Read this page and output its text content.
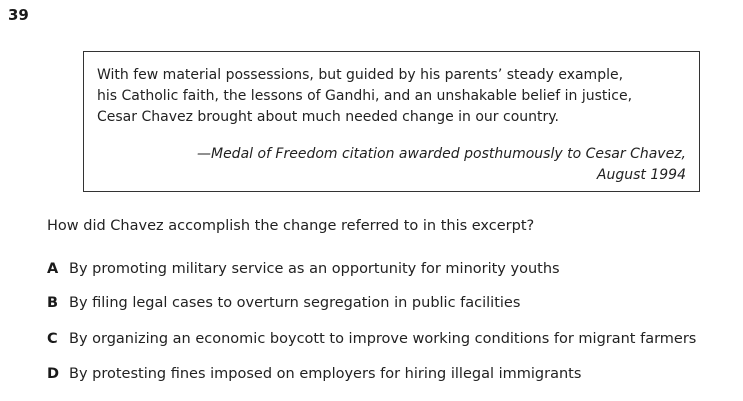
39
With few material possessions, but guided by his parents’ steady example,
his Catholic faith, the lessons of Gandhi, and an unshakable belief in justice,
Cesar Chavez brought about much needed change in our country.
—Medal of Freedom citation awarded posthumously to Cesar Chavez,
August 1994
How did Chavez accomplish the change referred to in this excerpt?
A By promoting military service as an opportunity for minority youths
B By filing legal cases to overturn segregation in public facilities
C By organizing an economic boycott to improve working conditions for migrant farmers
D By protesting fines imposed on employers for hiring illegal immigrants
